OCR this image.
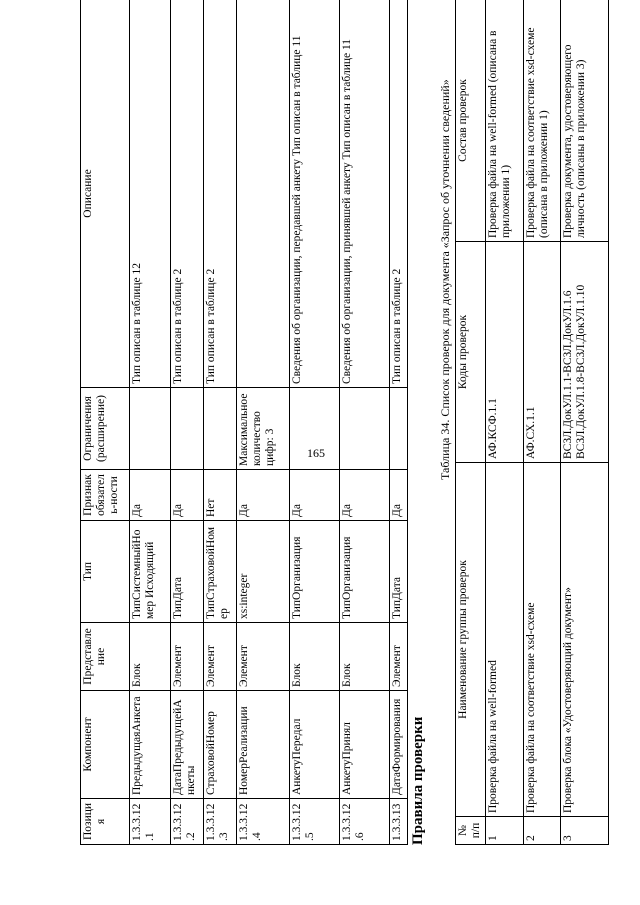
165
Позиция	Компонент	Представление	Тип	Признак обязатель-ности	Ограничения (расширение)	Описание
1.3.3.12.1	ПредыдущаяАнкета	Блок	ТипСистемныйНомер Исходящий	Да		Тип описан в таблице 12
1.3.3.12.2	ДатаПредыдущейАнкеты	Элемент	ТипДата	Да		Тип описан в таблице 2
1.3.3.12.3	СтраховойНомер	Элемент	ТипСтраховойНомер	Нет		Тип описан в таблице 2
1.3.3.12.4	НомерРеализации	Элемент	xs:integer	Да	Максимальное количество цифр: 3	
1.3.3.12.5	АнкетуПередал	Блок	ТипОрганизация	Да		Сведения об организации, передавшей анкету Тип описан в таблице 11
1.3.3.12.6	АнкетуПринял	Блок	ТипОрганизация	Да		Сведения об организации, принявшей анкету Тип описан в таблице 11
1.3.3.13	ДатаФормирования	Элемент	ТипДата	Да		Тип описан в таблице 2
Правила проверки
Таблица 34. Список проверок для документа «Запрос об уточнении сведений»
№ п/п	Наименование группы проверок	Коды проверок	Состав проверок
1	Проверка файла на well-formed	АФ.КСФ.1.1	Проверка файла на well-formed (описана в приложении 1)
2	Проверка файла на соответствие xsd-схеме	АФ.СХ.1.1	Проверка файла на соответствие xsd-схеме (описана в приложении 1)
3	Проверка блока «Удостоверяющий документ»	ВСЗЛ.ДокУЛ.1.1-ВСЗЛ.ДокУЛ.1.6 ВСЗЛ.ДокУЛ.1.8-ВСЗЛ.ДокУЛ.1.10	Проверка документа, удостоверяющего личность (описаны в приложении 3)
